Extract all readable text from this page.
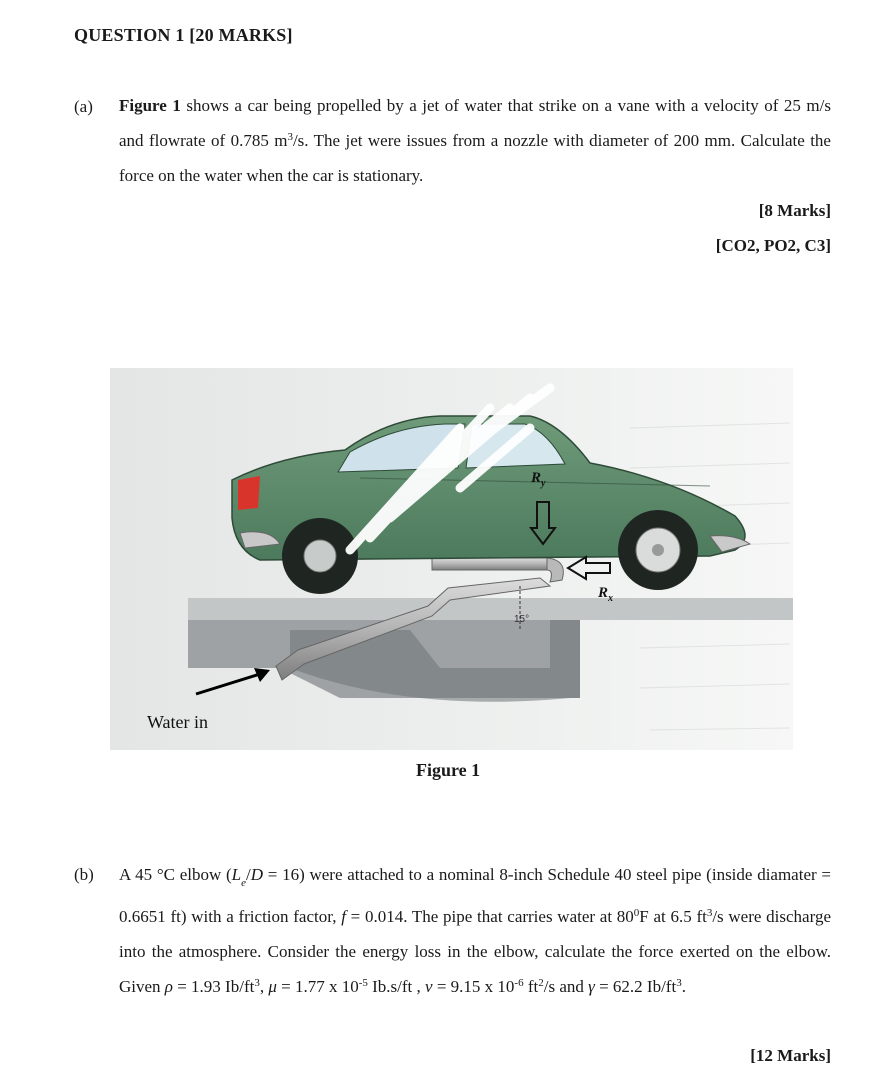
QUESTION 1 [20 MARKS]
(a) Figure 1 shows a car being propelled by a jet of water that strike on a vane with a velocity of 25 m/s and flowrate of 0.785 $m^3/s$. The jet were issues from a nozzle with diameter of 200 mm. Calculate the force on the water when the car is stationary.
[8 Marks]
[CO2, PO2, C3]
$R_y$
$R_x$
15°
Water in
Figure 1
(b) A 45 °C elbow $(L_e/D = 16)$ were attached to a nominal 8-inch Schedule 40 steel pipe (inside diamater = 0.6651 ft) with a friction factor, f = 0.014. The pipe that carries water at $80^0F$ at 6.5 $ft^3/s$ were discharge into the atmosphere. Consider the energy loss in the elbow, calculate the force exerted on the elbow. Given ρ = 1.93 $Ib/ft^3$, μ = 1.77 x $10^{-5}$ Ib.s/ft , v = 9.15 x $10^{-6}$ $ft^2/s$ and γ = 62.2 $Ib/ft^3$.
[12 Marks]
